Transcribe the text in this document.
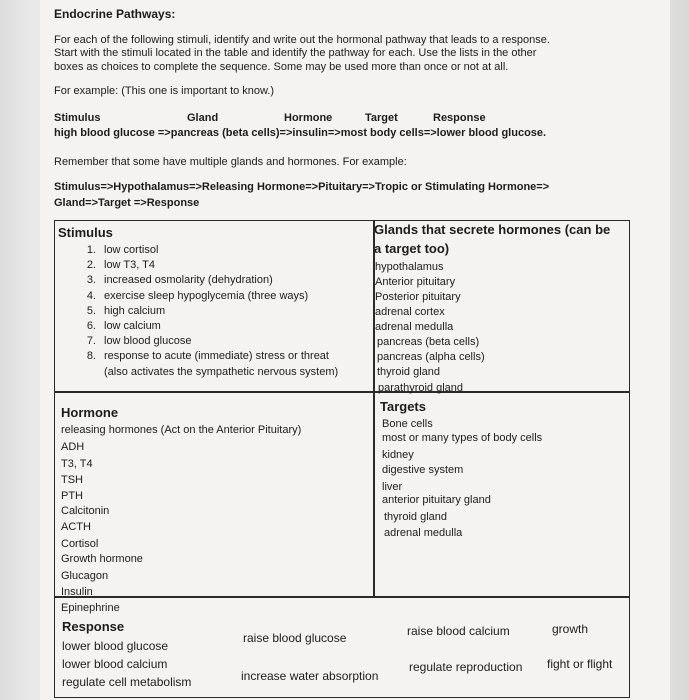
Endocrine Pathways:
For each of the following stimuli, identify and write out the hormonal pathway that leads to a response.
Start with the stimuli located in the table and identify the pathway for each. Use the lists in the other
boxes as choices to complete the sequence. Some may be used more than once or not at all.
For example: (This one is important to know.)
Stimulus	Gland	Hormone	Target	Response
high blood glucose =>pancreas (beta cells)=>insulin=>most body cells=>lower blood glucose.
Remember that some have multiple glands and hormones. For example:
Stimulus=>Hypothalamus=>Releasing Hormone=>Pituitary=>Tropic or Stimulating Hormone=>
Gland=>Target =>Response
Stimulus
1. low cortisol
2. low T3, T4
3. increased osmolarity (dehydration)
4. exercise sleep hypoglycemia (three ways)
5. high calcium
6. low calcium
7. low blood glucose
8. response to acute (immediate) stress or threat
(also activates the sympathetic nervous system)
Glands that secrete hormones (can be
a target too)
hypothalamus
Anterior pituitary
Posterior pituitary
adrenal cortex
adrenal medulla
pancreas (beta cells)
pancreas (alpha cells)
thyroid gland
parathyroid gland
Hormone
releasing hormones (Act on the Anterior Pituitary)
ADH
T3, T4
TSH
PTH
Calcitonin
ACTH
Cortisol
Growth hormone
Glucagon
Insulin
Epinephrine
Targets
Bone cells
most or many types of body cells
kidney
digestive system
liver
anterior pituitary gland
thyroid gland
adrenal medulla
Response
lower blood glucose
raise blood glucose	raise blood calcium	growth
lower blood calcium
regulate cell metabolism	increase water absorption
regulate reproduction fight or flight
